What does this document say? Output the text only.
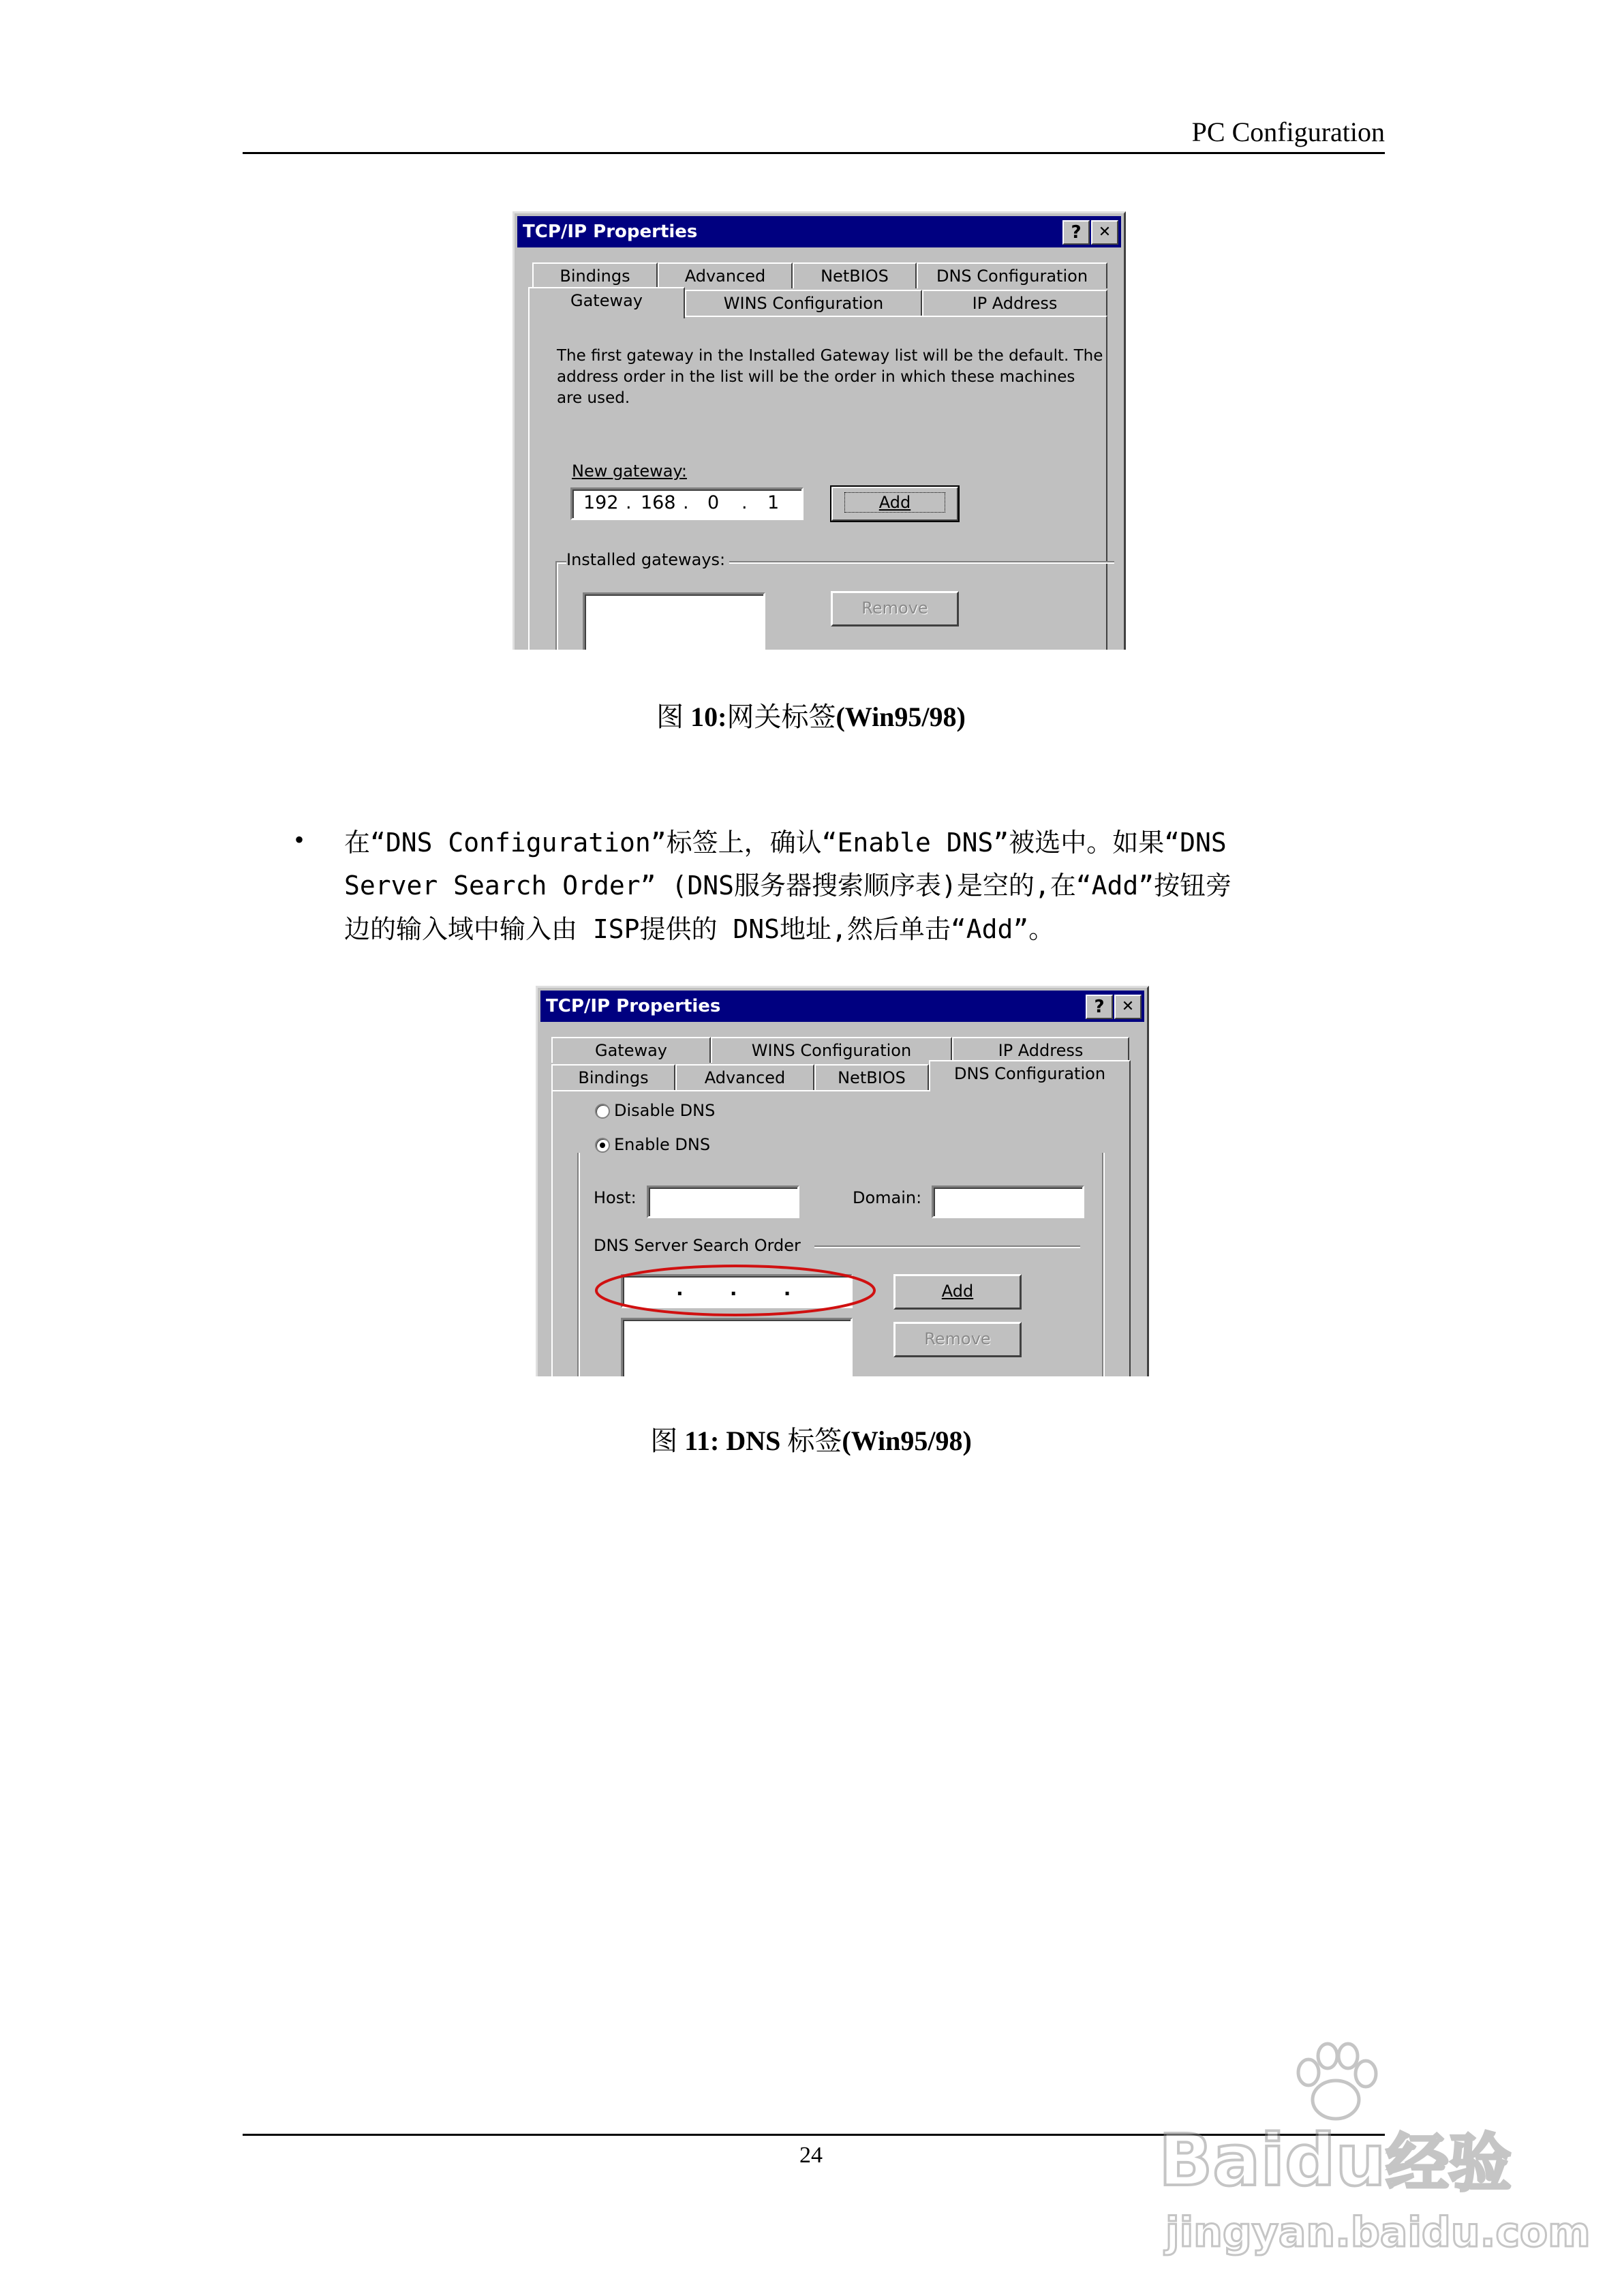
PC Configuration
TCP/IP Properties	?	✕
Bindings	Advanced	NetBIOS	DNS Configuration
Gateway	WINS Configuration	IP Address
The first gateway in the Installed Gateway list will be the default. The
address order in the list will be the order in which these machines
are used.
New gateway:
192 . 168 . 0 . 1	Add
Installed gateways:
Remove
图 10:网关标签(Win95/98)
• 在“DNS Configuration”标签上，确认“Enable DNS”被选中。如果“DNS
Server Search Order” (DNS服务器搜索顺序表)是空的,在“Add”按钮旁
边的输入域中输入由 ISP提供的 DNS地址,然后单击“Add”。
TCP/IP Properties	?	✕
Gateway	WINS Configuration	IP Address
Bindings	Advanced	NetBIOS	DNS Configuration
Disable DNS
Enable DNS
Host:	Domain:
DNS Server Search Order
.       .       .	Add
Remove
图 11: DNS 标签(Win95/98)
24	Baidu经验
jingyan.baidu.com
